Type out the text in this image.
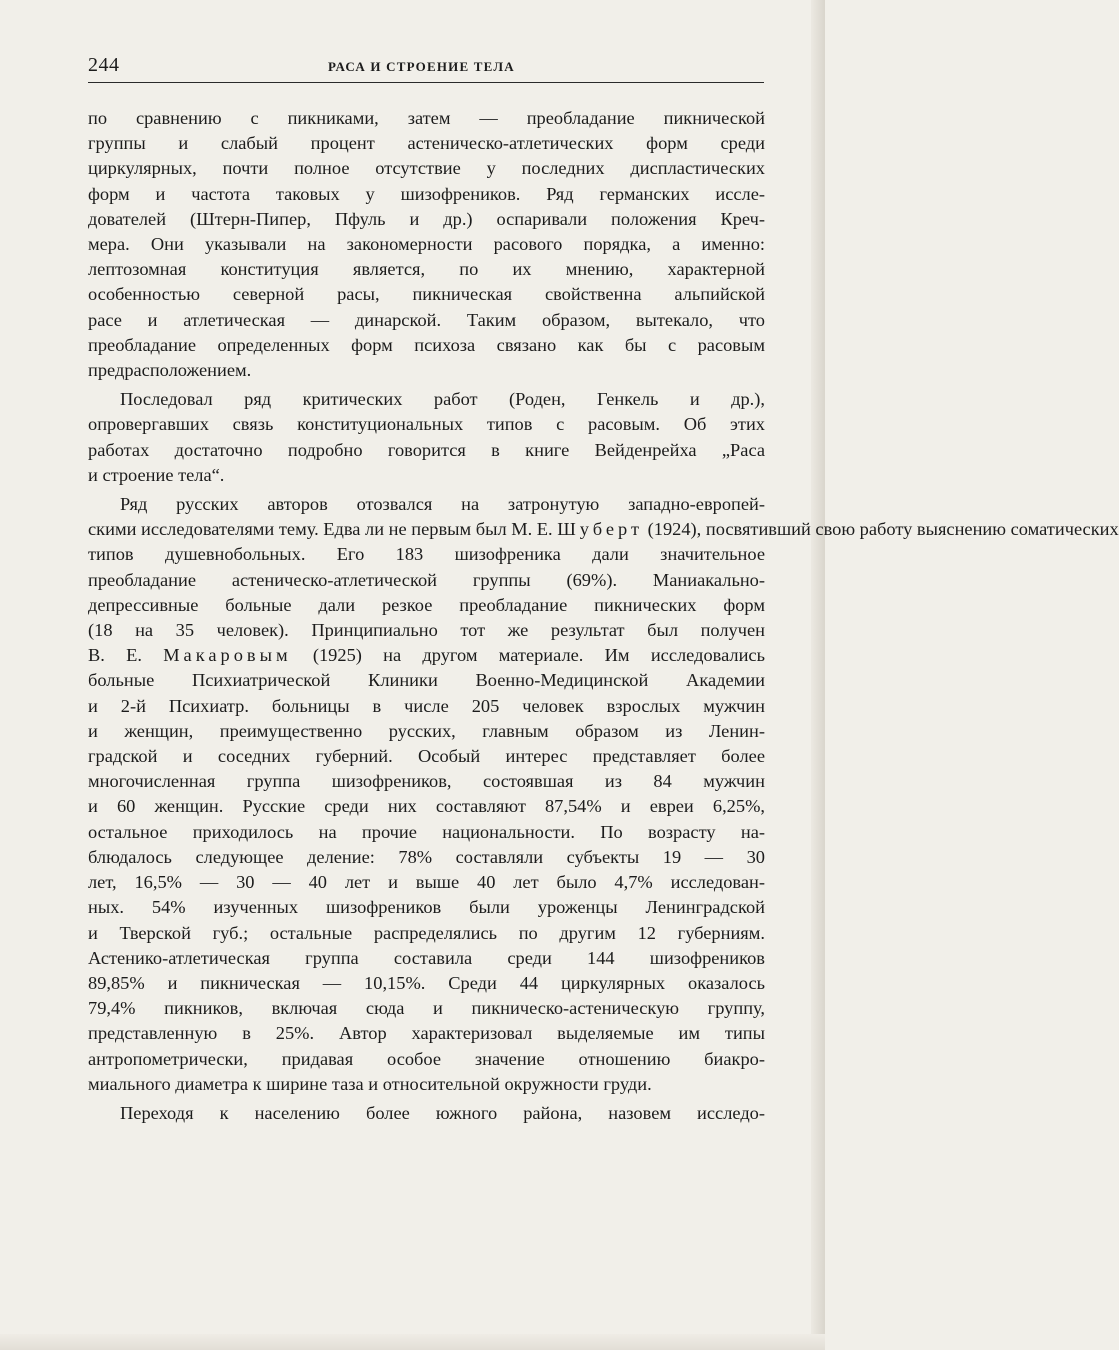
244	РАСА И СТРОЕНИЕ ТЕЛА

по сравнению с пикниками, затем — преобладание пикнической
группы и слабый процент астеническо-атлетических форм среди
циркулярных, почти полное отсутствие у последних диспластических
форм и частота таковых у шизофреников. Ряд германских иссле-
дователей (Штерн-Пипер, Пфуль и др.) оспаривали положения Креч-
мера. Они указывали на закономерности расового порядка, а именно:
лептозомная конституция является, по их мнению, характерной
особенностью северной расы, пикническая свойственна альпийской
расе и атлетическая — динарской. Таким образом, вытекало, что
преобладание определенных форм психоза связано как бы с расовым
предрасположением.

Последовал ряд критических работ (Роден, Генкель и др.),
опровергавших связь конституциональных типов с расовым. Об этих
работах достаточно подробно говорится в книге Вейденрейха „Раса
и строение тела“.

Ряд русских авторов отозвался на затронутую западно-европей-
скими исследователями тему. Едва ли не первым был М. Е. Шуберт (1924), посвятивший свою работу выяснению соматических
типов душевнобольных. Его 183 шизофреника дали значительное
преобладание астеническо-атлетической группы (69%). Маниакально-
депрессивные больные дали резкое преобладание пикнических форм
(18 на 35 человек). Принципиально тот же результат был получен
В. Е. Макаровым (1925) на другом материале. Им исследовались
больные Психиатрической Клиники Военно-Медицинской Академии
и 2-й Психиатр. больницы в числе 205 человек взрослых мужчин
и женщин, преимущественно русских, главным образом из Ленин-
градской и соседних губерний. Особый интерес представляет более
многочисленная группа шизофреников, состоявшая из 84 мужчин
и 60 женщин. Русские среди них составляют 87,54% и евреи 6,25%,
остальное приходилось на прочие национальности. По возрасту на-
блюдалось следующее деление: 78% составляли субъекты 19 — 30
лет, 16,5% — 30 — 40 лет и выше 40 лет было 4,7% исследован-
ных. 54% изученных шизофреников были уроженцы Ленинградской
и Тверской губ.; остальные распределялись по другим 12 губерниям.
Астенико-атлетическая группа составила среди 144 шизофреников
89,85% и пикническая — 10,15%. Среди 44 циркулярных оказалось
79,4% пикников, включая сюда и пикническо-астеническую группу,
представленную в 25%. Автор характеризовал выделяемые им типы
антропометрически, придавая особое значение отношению биакро-
миального диаметра к ширине таза и относительной окружности груди.

Переходя к населению более южного района, назовем исследо-
